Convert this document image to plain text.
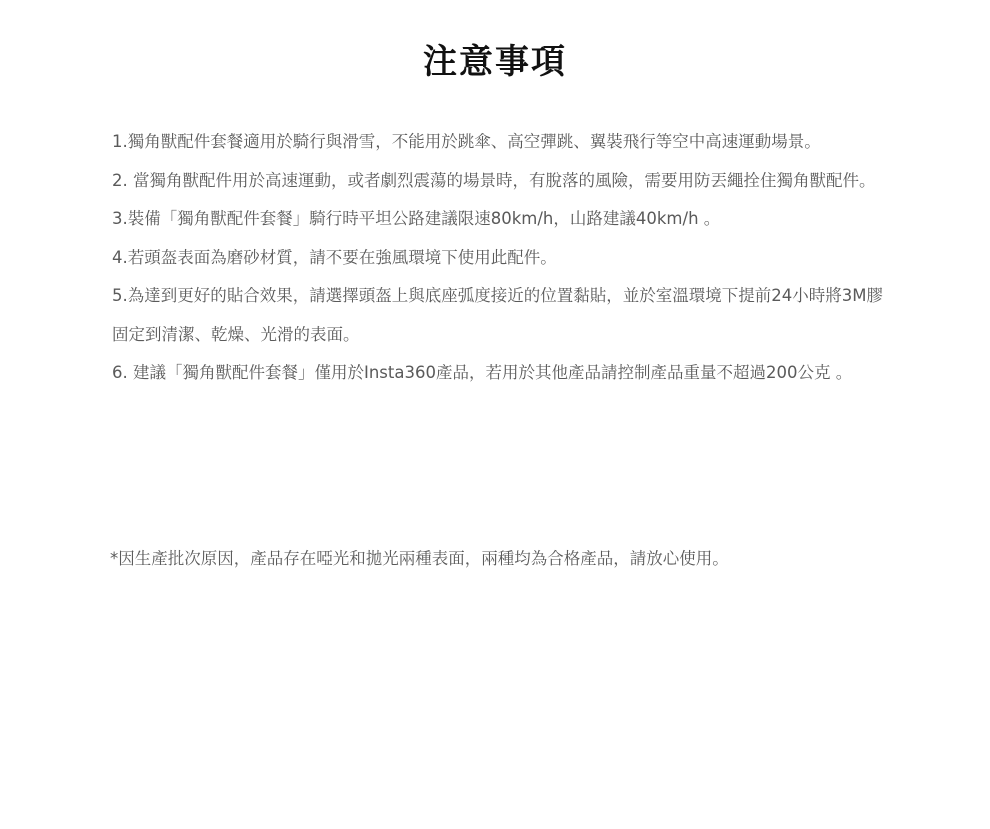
注意事項
1.獨角獸配件套餐適用於騎行與滑雪，不能用於跳傘、高空彈跳、翼裝飛行等空中高速運動場景。
2. 當獨角獸配件用於高速運動，或者劇烈震蕩的場景時，有脫落的風險，需要用防丟繩拴住獨角獸配件。
3.裝備「獨角獸配件套餐」騎行時平坦公路建議限速80km/h，山路建議40km/h 。
4.若頭盔表面為磨砂材質，請不要在強風環境下使用此配件。
5.為達到更好的貼合效果，請選擇頭盔上與底座弧度接近的位置黏貼，並於室溫環境下提前24小時將3M膠固定到清潔、乾燥、光滑的表面。
6. 建議「獨角獸配件套餐」僅用於Insta360產品，若用於其他產品請控制產品重量不超過200公克 。

*因生產批次原因，產品存在啞光和拋光兩種表面，兩種均為合格產品，請放心使用。
